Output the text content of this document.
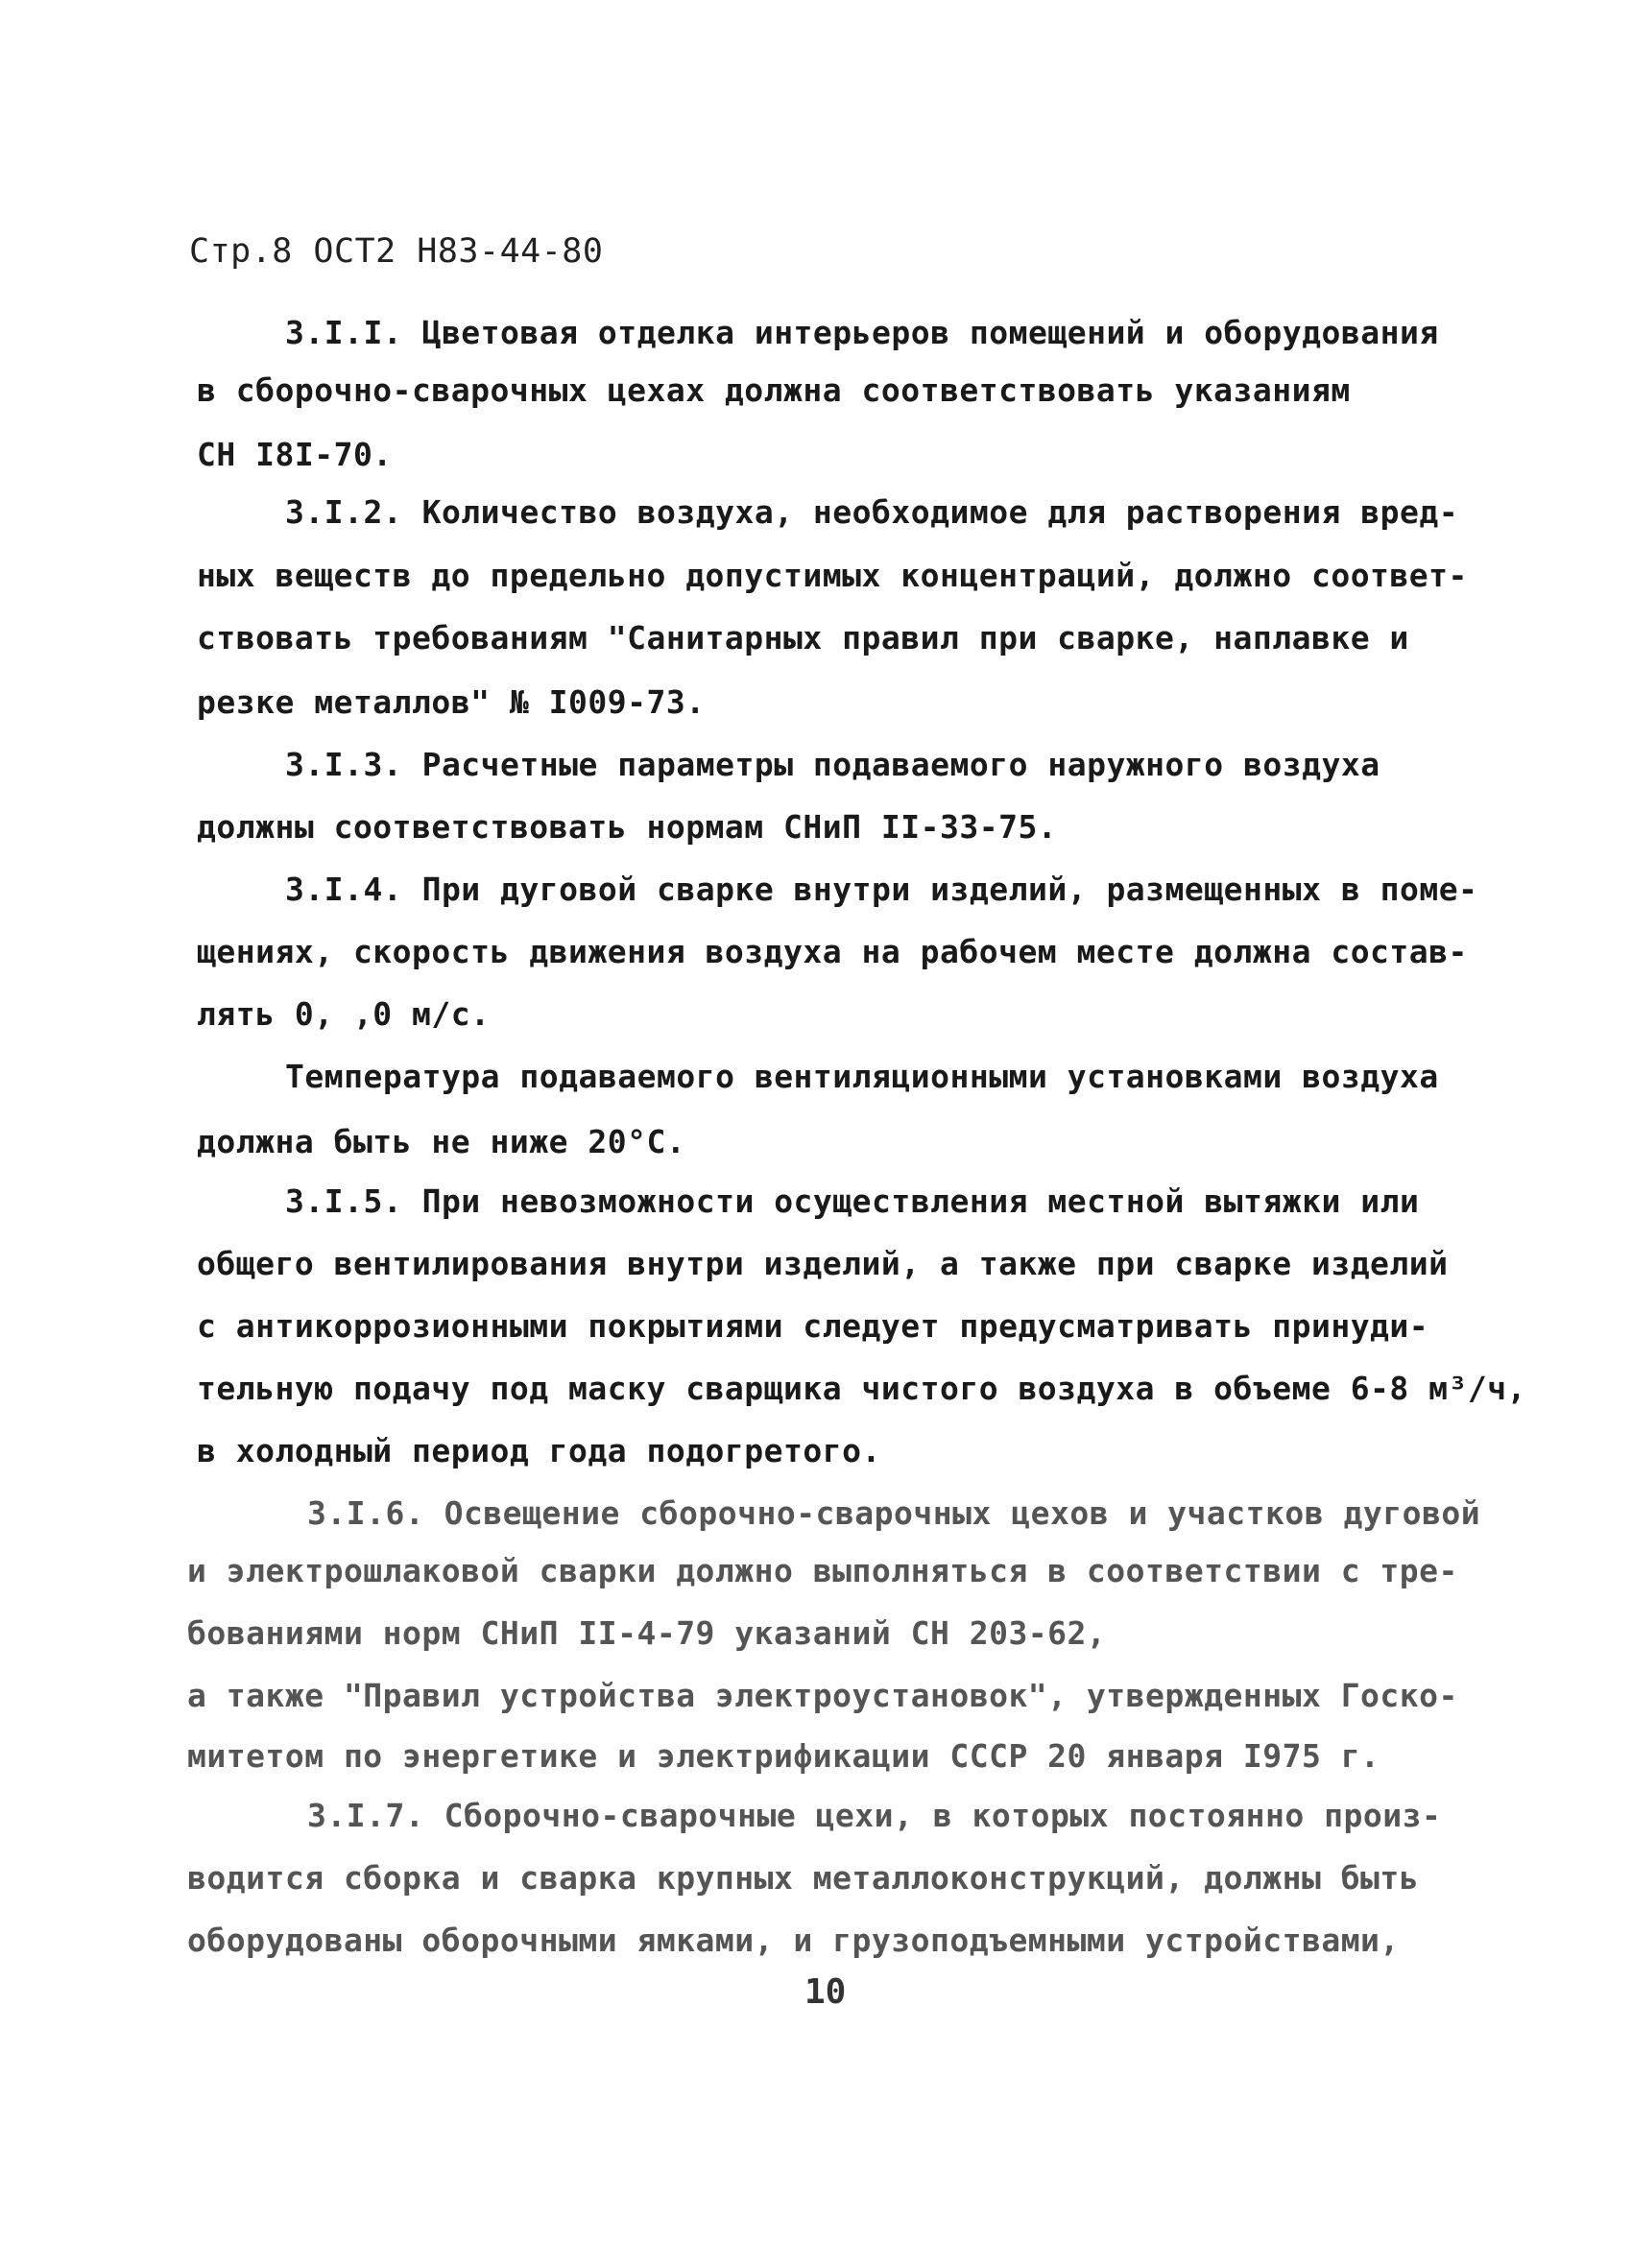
Стр.8 ОСТ2 Н83-44-80
3.I.I. Цветовая отделка интерьеров помещений и оборудования
в сборочно-сварочных цехах должна соответствовать указаниям
СН I8I-70.
3.I.2. Количество воздуха, необходимое для растворения вред-
ных веществ до предельно допустимых концентраций, должно соответ-
ствовать требованиям "Санитарных правил при сварке, наплавке и
резке металлов" № I009-73.
3.I.3. Расчетные параметры подаваемого наружного воздуха
должны соответствовать нормам СНиП II-33-75.
3.I.4. При дуговой сварке внутри изделий, размещенных в поме-
щениях, скорость движения воздуха на рабочем месте должна состав-
лять 0, ,0 м/с.
Температура подаваемого вентиляционными установками воздуха
должна быть не ниже 20°С.
3.I.5. При невозможности осуществления местной вытяжки или
общего вентилирования внутри изделий, а также при сварке изделий
с антикоррозионными покрытиями следует предусматривать принуди-
тельную подачу под маску сварщика чистого воздуха в объеме 6-8 м³/ч,
в холодный период года подогретого.
3.I.6. Освещение сборочно-сварочных цехов и участков дуговой
и электрошлаковой сварки должно выполняться в соответствии с тре-
бованиями норм СНиП II-4-79 указаний СН 203-62,
а также "Правил устройства электроустановок", утвержденных Госко-
митетом по энергетике и электрификации СССР 20 января I975 г.
3.I.7. Сборочно-сварочные цехи, в которых постоянно произ-
водится сборка и сварка крупных металлоконструкций, должны быть
оборудованы оборочными ямками, и грузоподъемными устройствами,
10
